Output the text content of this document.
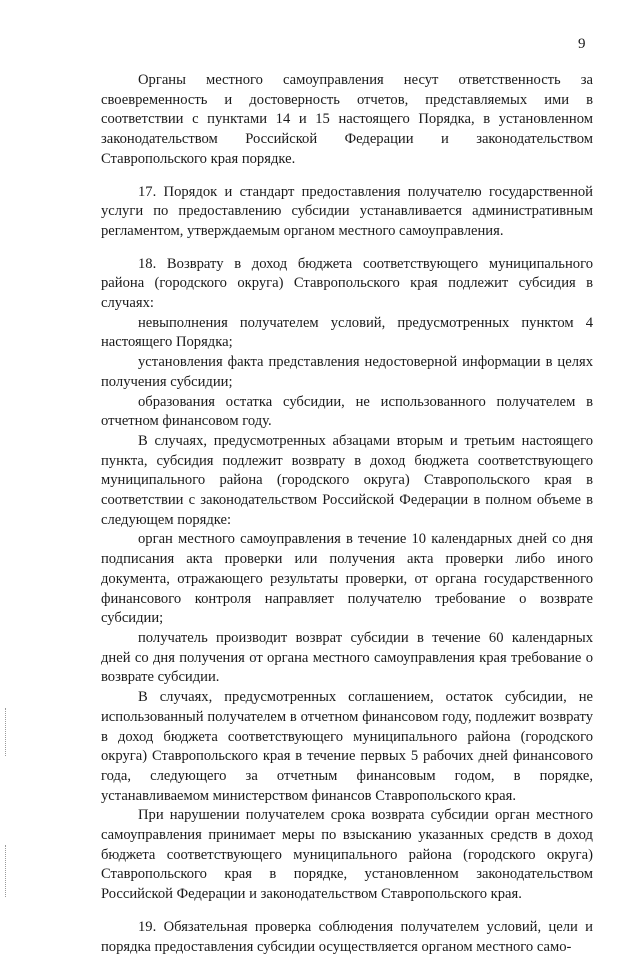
9

Органы местного самоуправления несут ответственность за своевременность и достоверность отчетов, представляемых ими в соответствии с пунктами 14 и 15 настоящего Порядка, в установленном законодательством Российской Федерации и законодательством Ставропольского края порядке.

17. Порядок и стандарт предоставления получателю государственной услуги по предоставлению субсидии устанавливается административным регламентом, утверждаемым органом местного самоуправления.

18. Возврату в доход бюджета соответствующего муниципального района (городского округа) Ставропольского края подлежит субсидия в случаях:

невыполнения получателем условий, предусмотренных пунктом 4 настоящего Порядка;

установления факта представления недостоверной информации в целях получения субсидии;

образования остатка субсидии, не использованного получателем в отчетном финансовом году.

В случаях, предусмотренных абзацами вторым и третьим настоящего пункта, субсидия подлежит возврату в доход бюджета соответствующего муниципального района (городского округа) Ставропольского края в соответствии с законодательством Российской Федерации в полном объеме в следующем порядке:

орган местного самоуправления в течение 10 календарных дней со дня подписания акта проверки или получения акта проверки либо иного документа, отражающего результаты проверки, от органа государственного финансового контроля направляет получателю требование о возврате субсидии;

получатель производит возврат субсидии в течение 60 календарных дней со дня получения от органа местного самоуправления края требование о возврате субсидии.

В случаях, предусмотренных соглашением, остаток субсидии, не использованный получателем в отчетном финансовом году, подлежит возврату в доход бюджета соответствующего муниципального района (городского округа) Ставропольского края в течение первых 5 рабочих дней финансового года, следующего за отчетным финансовым годом, в порядке, устанавливаемом министерством финансов Ставропольского края.

При нарушении получателем срока возврата субсидии орган местного самоуправления принимает меры по взысканию указанных средств в доход бюджета соответствующего муниципального района (городского округа) Ставропольского края в порядке, установленном законодательством Российской Федерации и законодательством Ставропольского края.

19. Обязательная проверка соблюдения получателем условий, цели и порядка предоставления субсидии осуществляется органом местного само-
